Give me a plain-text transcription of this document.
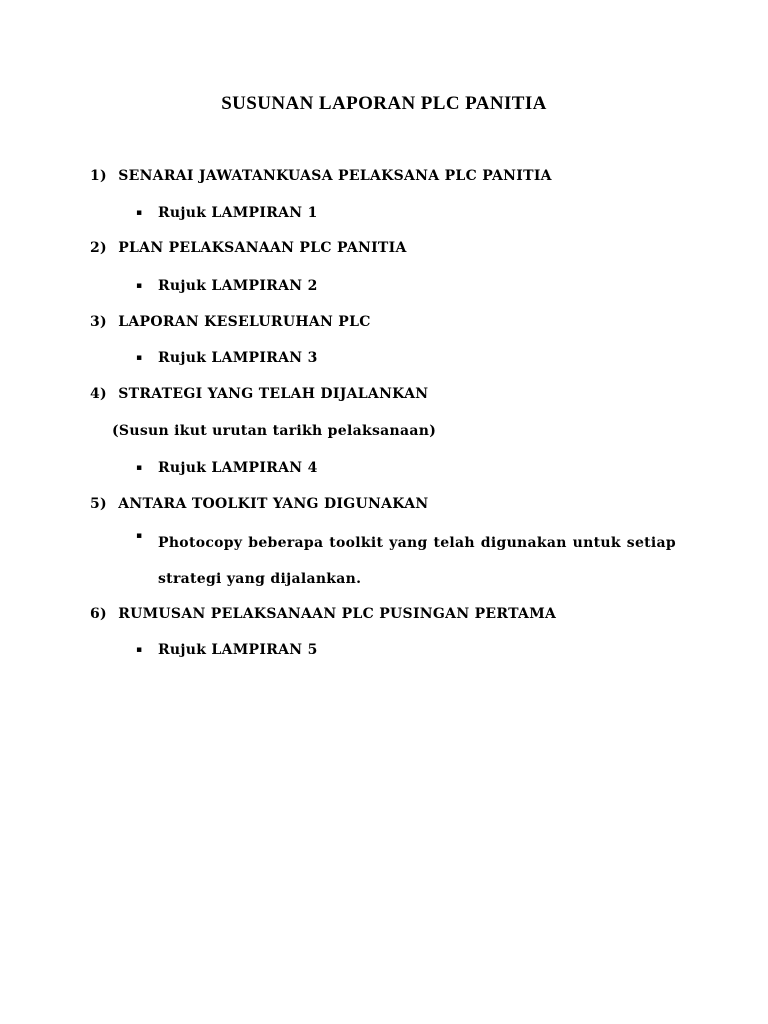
SUSUNAN LAPORAN PLC PANITIA

1) SENARAI JAWATANKUASA PELAKSANA PLC PANITIA

▪ Rujuk LAMPIRAN 1

2) PLAN PELAKSANAAN PLC PANITIA

▪ Rujuk LAMPIRAN 2

3) LAPORAN KESELURUHAN PLC

▪ Rujuk LAMPIRAN 3

4) STRATEGI YANG TELAH DIJALANKAN

(Susun ikut urutan tarikh pelaksanaan)

▪ Rujuk LAMPIRAN 4

5) ANTARA TOOLKIT YANG DIGUNAKAN

▪ Photocopy beberapa toolkit yang telah digunakan untuk setiap strategi yang dijalankan.

6) RUMUSAN PELAKSANAAN PLC PUSINGAN PERTAMA

▪ Rujuk LAMPIRAN 5
